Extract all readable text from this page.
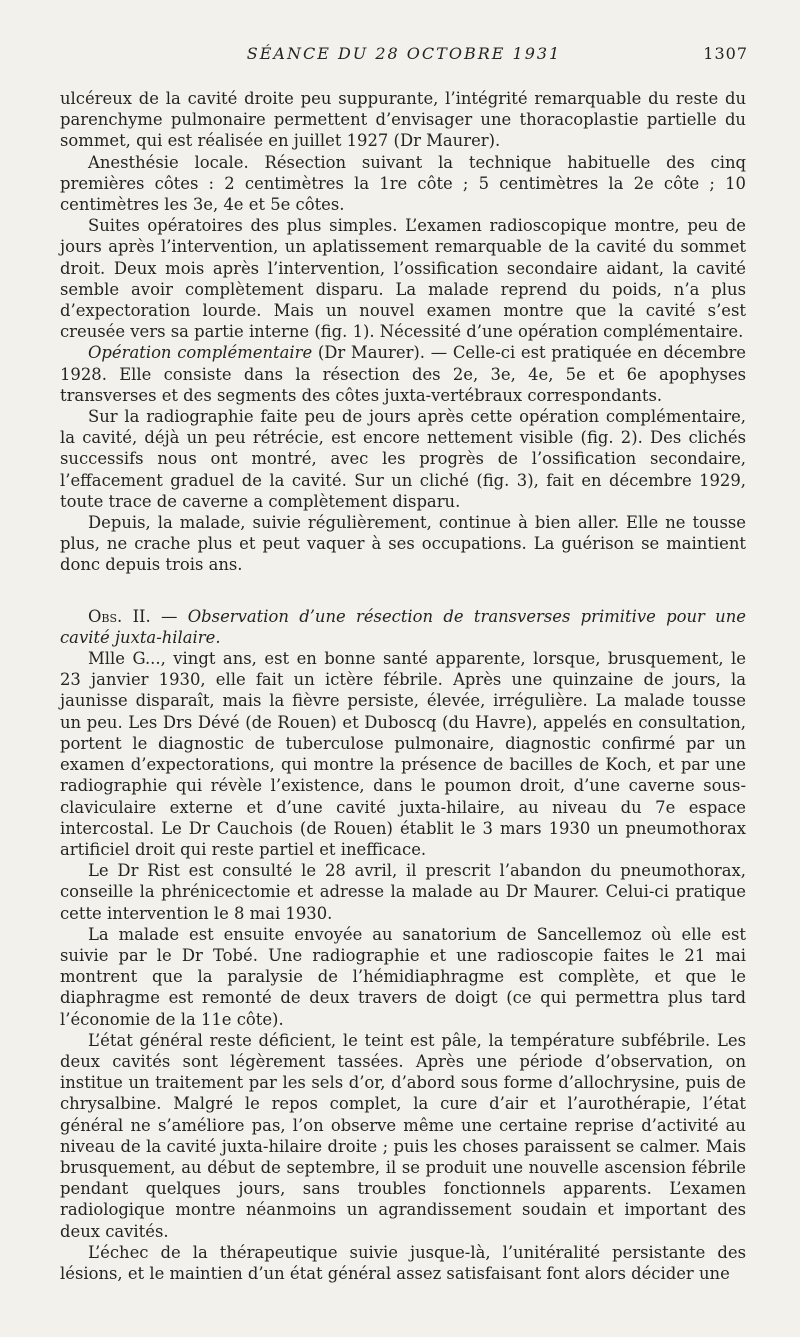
SÉANCE DU 28 OCTOBRE 1931	1307

ulcéreux de la cavité droite peu suppurante, l’intégrité remarquable du reste du parenchyme pulmonaire permettent d’envisager une thoracoplastie partielle du sommet, qui est réalisée en juillet 1927 (Dr Maurer).

Anesthésie locale. Résection suivant la technique habituelle des cinq premières côtes : 2 centimètres la 1re côte ; 5 centimètres la 2e côte ; 10 centimètres les 3e, 4e et 5e côtes.

Suites opératoires des plus simples. L’examen radioscopique montre, peu de jours après l’intervention, un aplatissement remarquable de la cavité du sommet droit. Deux mois après l’intervention, l’ossification secondaire aidant, la cavité semble avoir complètement disparu. La malade reprend du poids, n’a plus d’expectoration lourde. Mais un nouvel examen montre que la cavité s’est creusée vers sa partie interne (fig. 1). Nécessité d’une opération complémentaire.

Opération complémentaire (Dr Maurer). — Celle-ci est pratiquée en décembre 1928. Elle consiste dans la résection des 2e, 3e, 4e, 5e et 6e apophyses transverses et des segments des côtes juxta-vertébraux correspondants.

Sur la radiographie faite peu de jours après cette opération complémentaire, la cavité, déjà un peu rétrécie, est encore nettement visible (fig. 2). Des clichés successifs nous ont montré, avec les progrès de l’ossification secondaire, l’effacement graduel de la cavité. Sur un cliché (fig. 3), fait en décembre 1929, toute trace de caverne a complètement disparu.

Depuis, la malade, suivie régulièrement, continue à bien aller. Elle ne tousse plus, ne crache plus et peut vaquer à ses occupations. La guérison se maintient donc depuis trois ans.

Obs. II. — Observation d’une résection de transverses primitive pour une cavité juxta-hilaire.

Mlle G..., vingt ans, est en bonne santé apparente, lorsque, brusquement, le 23 janvier 1930, elle fait un ictère fébrile. Après une quinzaine de jours, la jaunisse disparaît, mais la fièvre persiste, élevée, irrégulière. La malade tousse un peu. Les Drs Dévé (de Rouen) et Duboscq (du Havre), appelés en consultation, portent le diagnostic de tuberculose pulmonaire, diagnostic confirmé par un examen d’expectorations, qui montre la présence de bacilles de Koch, et par une radiographie qui révèle l’existence, dans le poumon droit, d’une caverne sous-claviculaire externe et d’une cavité juxta-hilaire, au niveau du 7e espace intercostal. Le Dr Cauchois (de Rouen) établit le 3 mars 1930 un pneumothorax artificiel droit qui reste partiel et inefficace.

Le Dr Rist est consulté le 28 avril, il prescrit l’abandon du pneumothorax, conseille la phrénicectomie et adresse la malade au Dr Maurer. Celui-ci pratique cette intervention le 8 mai 1930.

La malade est ensuite envoyée au sanatorium de Sancellemoz où elle est suivie par le Dr Tobé. Une radiographie et une radioscopie faites le 21 mai montrent que la paralysie de l’hémidiaphragme est complète, et que le diaphragme est remonté de deux travers de doigt (ce qui permettra plus tard l’économie de la 11e côte).

L’état général reste déficient, le teint est pâle, la température subfébrile. Les deux cavités sont légèrement tassées. Après une période d’observation, on institue un traitement par les sels d’or, d’abord sous forme d’allochrysine, puis de chrysalbine. Malgré le repos complet, la cure d’air et l’aurothérapie, l’état général ne s’améliore pas, l’on observe même une certaine reprise d’activité au niveau de la cavité juxta-hilaire droite ; puis les choses paraissent se calmer. Mais brusquement, au début de septembre, il se produit une nouvelle ascension fébrile pendant quelques jours, sans troubles fonctionnels apparents. L’examen radiologique montre néanmoins un agrandissement soudain et important des deux cavités.

L’échec de la thérapeutique suivie jusque-là, l’unitéralité persistante des lésions, et le maintien d’un état général assez satisfaisant font alors décider une
